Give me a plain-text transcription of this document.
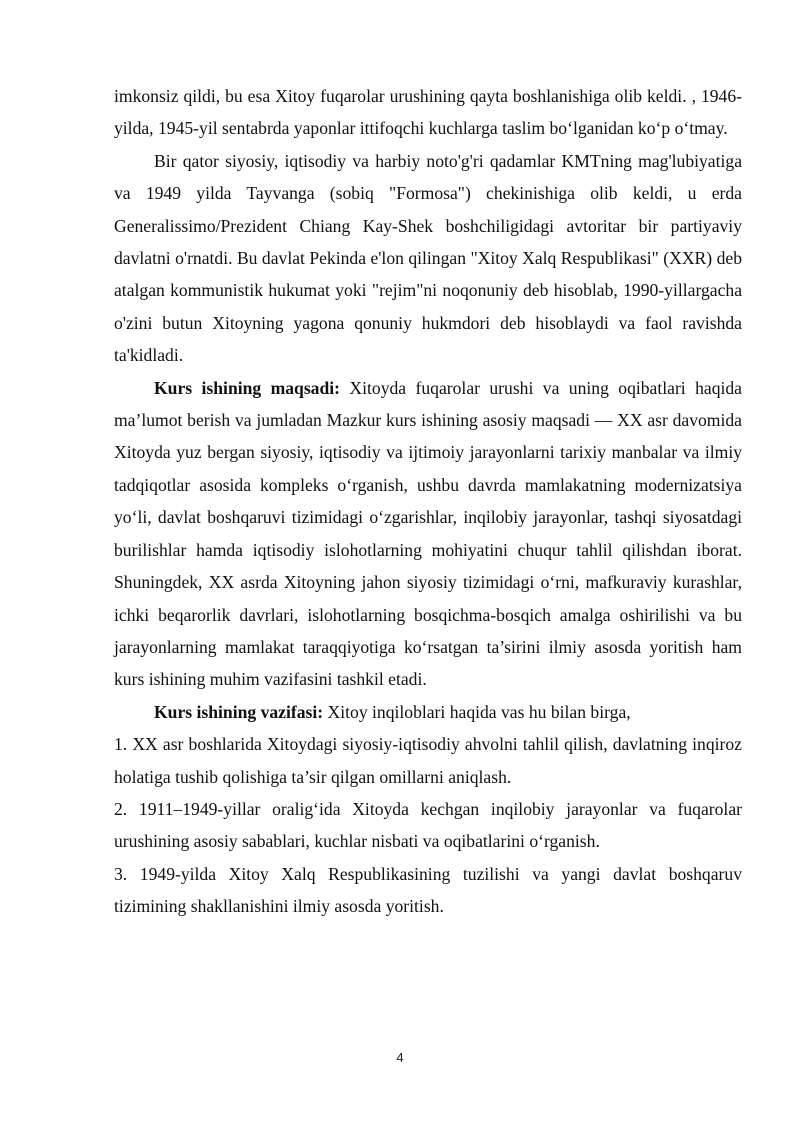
imkonsiz qildi, bu esa Xitoy fuqarolar urushining qayta boshlanishiga olib keldi. , 1946-yilda, 1945-yil sentabrda yaponlar ittifoqchi kuchlarga taslim bo‘lganidan ko‘p o‘tmay.

Bir qator siyosiy, iqtisodiy va harbiy noto'g'ri qadamlar KMTning mag'lubiyatiga va 1949 yilda Tayvanga (sobiq "Formosa") chekinishiga olib keldi, u erda Generalissimo/Prezident Chiang Kay-Shek boshchiligidagi avtoritar bir partiyaviy davlatni o'rnatdi. Bu davlat Pekinda e'lon qilingan "Xitoy Xalq Respublikasi" (XXR) deb atalgan kommunistik hukumat yoki "rejim"ni noqonuniy deb hisoblab, 1990-yillargacha o'zini butun Xitoyning yagona qonuniy hukmdori deb hisoblaydi va faol ravishda ta'kidladi.

Kurs ishining maqsadi: Xitoyda fuqarolar urushi va uning oqibatlari haqida ma’lumot berish va jumladan Mazkur kurs ishining asosiy maqsadi — XX asr davomida Xitoyda yuz bergan siyosiy, iqtisodiy va ijtimoiy jarayonlarni tarixiy manbalar va ilmiy tadqiqotlar asosida kompleks o‘rganish, ushbu davrda mamlakatning modernizatsiya yo‘li, davlat boshqaruvi tizimidagi o‘zgarishlar, inqilobiy jarayonlar, tashqi siyosatdagi burilishlar hamda iqtisodiy islohotlarning mohiyatini chuqur tahlil qilishdan iborat. Shuningdek, XX asrda Xitoyning jahon siyosiy tizimidagi o‘rni, mafkuraviy kurashlar, ichki beqarorlik davrlari, islohotlarning bosqichma-bosqich amalga oshirilishi va bu jarayonlarning mamlakat taraqqiyotiga ko‘rsatgan ta’sirini ilmiy asosda yoritish ham kurs ishining muhim vazifasini tashkil etadi.

Kurs ishining vazifasi: Xitoy inqiloblari haqida vas hu bilan birga,

1. XX asr boshlarida Xitoydagi siyosiy-iqtisodiy ahvolni tahlil qilish, davlatning inqiroz holatiga tushib qolishiga ta’sir qilgan omillarni aniqlash.

2. 1911–1949-yillar oralig‘ida Xitoyda kechgan inqilobiy jarayonlar va fuqarolar urushining asosiy sabablari, kuchlar nisbati va oqibatlarini o‘rganish.

3. 1949-yilda Xitoy Xalq Respublikasining tuzilishi va yangi davlat boshqaruv tizimining shakllanishini ilmiy asosda yoritish.

4
